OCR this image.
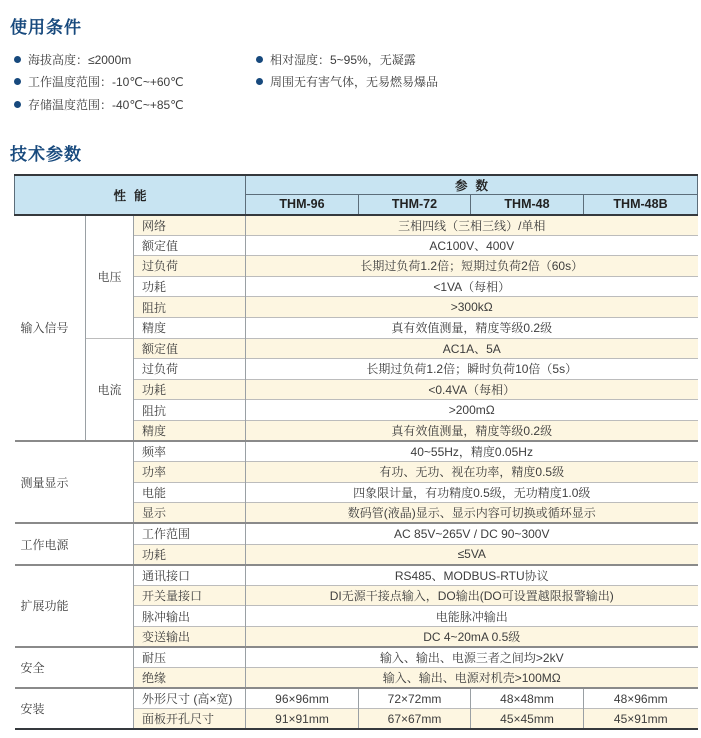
使用条件
海拔高度：≤2000m
工作温度范围：-10℃~+60℃
存储温度范围：-40℃~+85℃
相对湿度：5~95%，无凝露
周围无有害气体，无易燃易爆品
技术参数
性能			参数			
			THM-96	THM-72	THM-48	THM-48B
输入信号	电压	网络	三相四线（三相三线）/单相			
		额定值	AC100V、400V			
		过负荷	长期过负荷1.2倍；短期过负荷2倍（60s）			
		功耗	<1VA（每相）			
		阻抗	>300kΩ			
		精度	真有效值测量，精度等级0.2级			
	电流	额定值	AC1A、5A			
		过负荷	长期过负荷1.2倍；瞬时负荷10倍（5s）			
		功耗	<0.4VA（每相）			
		阻抗	>200mΩ			
		精度	真有效值测量，精度等级0.2级			
测量显示		频率	40~55Hz，精度0.05Hz			
		功率	有功、无功、视在功率，精度0.5级			
		电能	四象限计量，有功精度0.5级，无功精度1.0级			
		显示	数码管(液晶)显示、显示内容可切换或循环显示			
工作电源		工作范围	AC 85V~265V / DC 90~300V			
		功耗	≤5VA			
扩展功能		通讯接口	RS485、MODBUS-RTU协议			
		开关量接口	DI无源干接点输入，DO输出(DO可设置越限报警输出)			
		脉冲输出	电能脉冲输出			
		变送输出	DC 4~20mA 0.5级			
安全		耐压	输入、输出、电源三者之间均>2kV			
		绝缘	输入、输出、电源对机壳>100MΩ			
安装		外形尺寸 (高×宽)	96×96mm	72×72mm	48×48mm	48×96mm
		面板开孔尺寸	91×91mm	67×67mm	45×45mm	45×91mm
